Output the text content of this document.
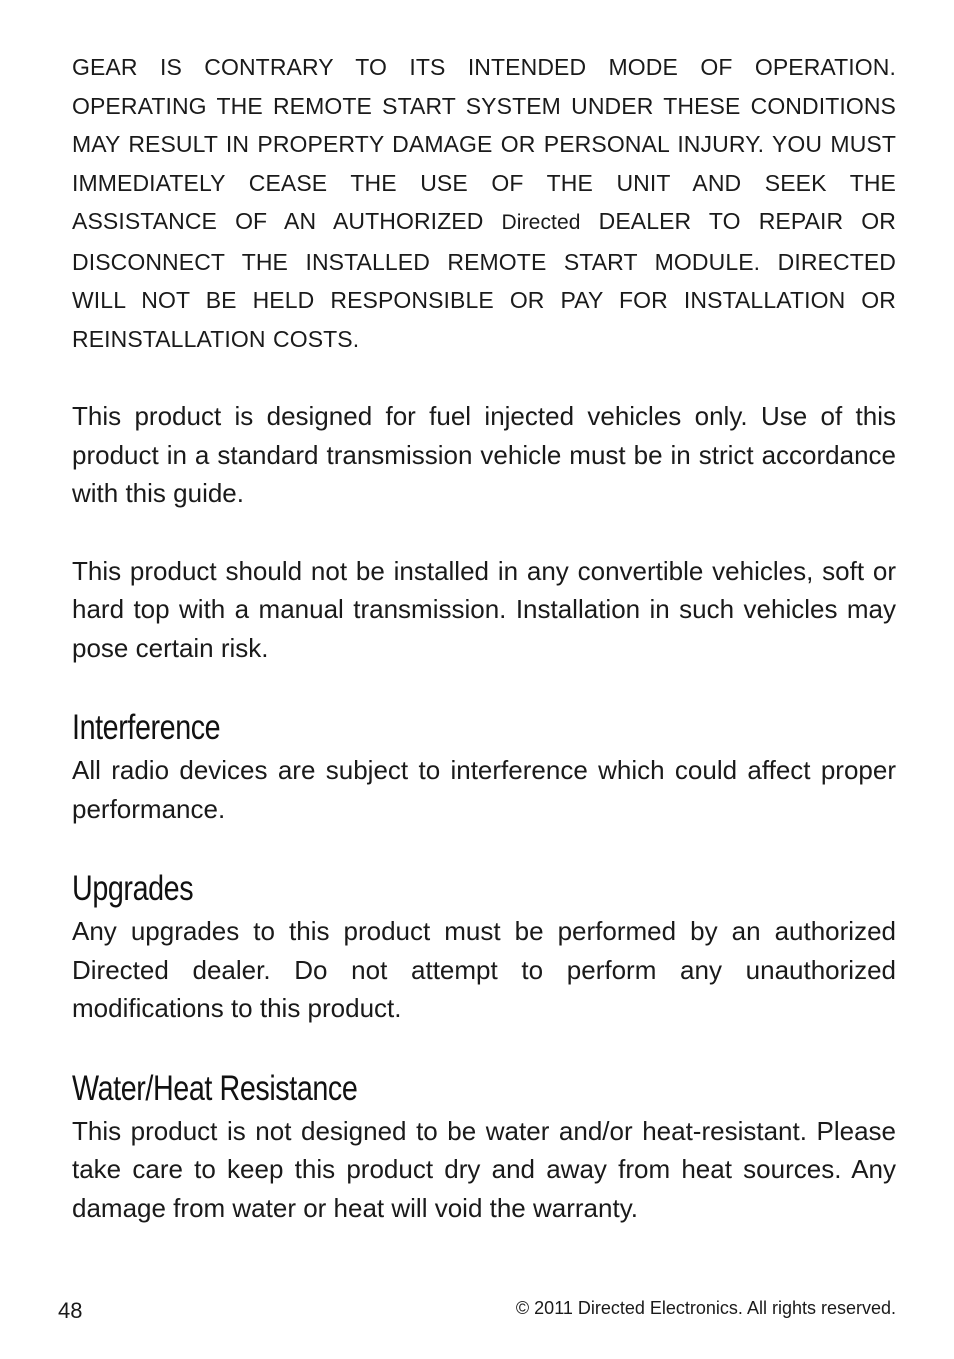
GEAR IS CONTRARY TO ITS INTENDED MODE OF OPERATION. OPERATING THE REMOTE START SYSTEM UNDER THESE CONDITIONS MAY RESULT IN PROPERTY DAMAGE OR PERSONAL INJURY. YOU MUST IMMEDIATELY CEASE THE USE OF THE UNIT AND SEEK THE ASSISTANCE OF AN AUTHORIZED Directed DEALER TO REPAIR OR DISCONNECT THE INSTALLED REMOTE START MODULE. DIRECTED WILL NOT BE HELD RESPONSIBLE OR PAY FOR INSTALLATION OR REINSTALLATION COSTS.

This product is designed for fuel injected vehicles only. Use of this product in a standard transmission vehicle must be in strict accordance with this guide.

This product should not be installed in any convertible vehicles, soft or hard top with a manual transmission. Installation in such vehicles may pose certain risk.

Interference

All radio devices are subject to interference which could affect proper performance.

Upgrades

Any upgrades to this product must be performed by an authorized Directed dealer. Do not attempt to perform any unauthorized modifications to this product.

Water/Heat Resistance

This product is not designed to be water and/or heat-resistant. Please take care to keep this product dry and away from heat sources. Any damage from water or heat will void the warranty.

48	© 2011 Directed Electronics. All rights reserved.
